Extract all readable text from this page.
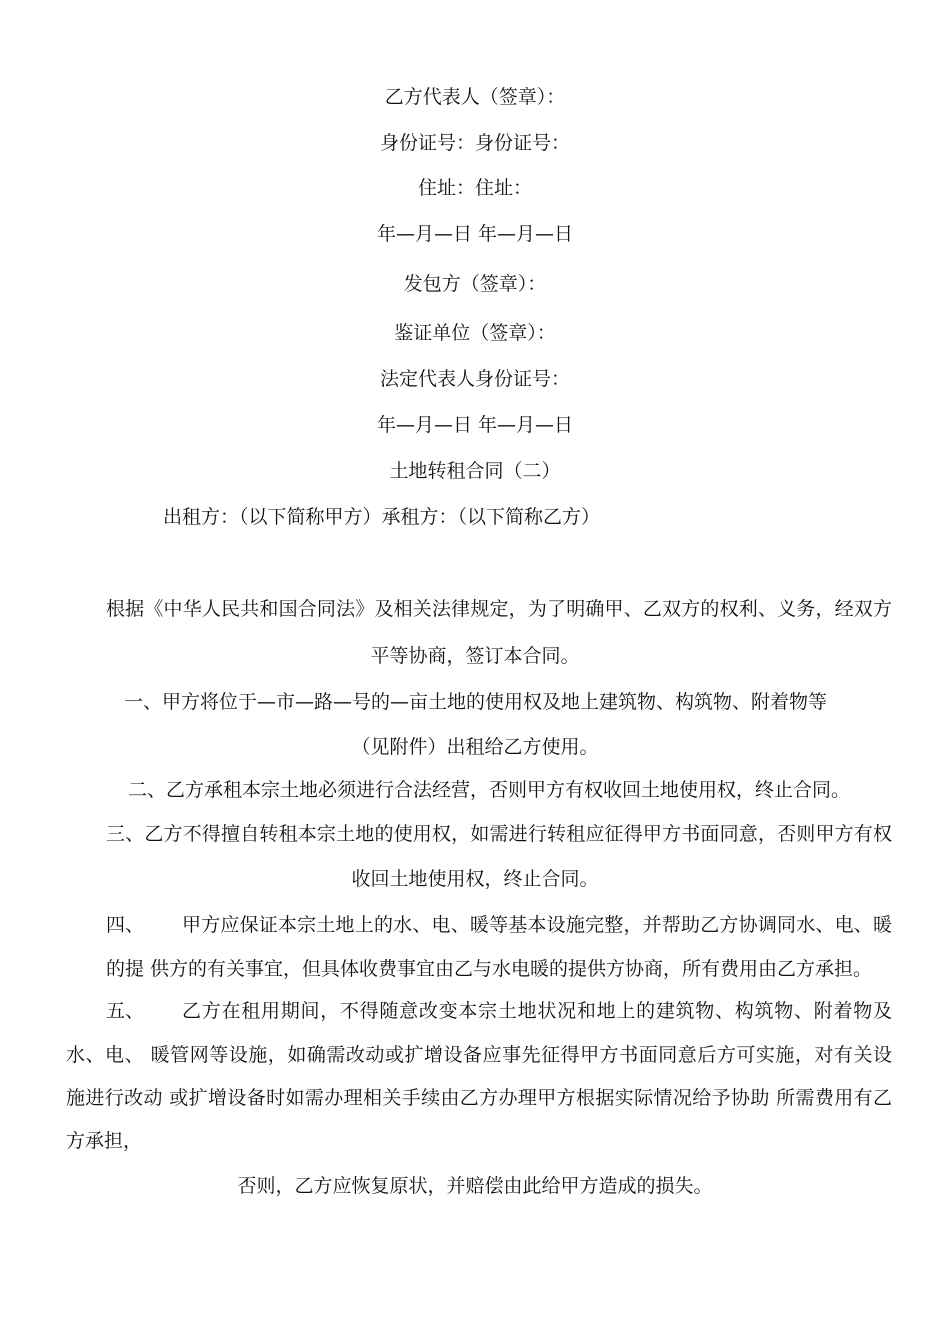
乙方代表人（签章）：
身份证号：身份证号：
住址：住址：
年—月—日 年—月—日
发包方（签章）：
鉴证单位（签章）：
法定代表人身份证号：
年—月—日 年—月—日
土地转租合同（二）
出租方：（以下简称甲方）承租方：（以下简称乙方）
根据《中华人民共和国合同法》及相关法律规定，为了明确甲、乙双方的权利、义务，经双方
平等协商，签订本合同。
一、甲方将位于—市—路—号的—亩土地的使用权及地上建筑物、构筑物、附着物等
（见附件）出租给乙方使用。
二、乙方承租本宗土地必须进行合法经营，否则甲方有权收回土地使用权，终止合同。
三、乙方不得擅自转租本宗土地的使用权，如需进行转租应征得甲方书面同意，否则甲方有权
收回土地使用权，终止合同。
四、 甲方应保证本宗土地上的水、电、暖等基本设施完整，并帮助乙方协调同水、电、暖
的提 供方的有关事宜，但具体收费事宜由乙与水电暖的提供方协商，所有费用由乙方承担。
五、 乙方在租用期间，不得随意改变本宗土地状况和地上的建筑物、构筑物、附着物及
水、电、 暖管网等设施，如确需改动或扩增设备应事先征得甲方书面同意后方可实施，对有关设
施进行改动 或扩增设备时如需办理相关手续由乙方办理甲方根据实际情况给予协助 所需费用有乙
方承担，
否则，乙方应恢复原状，并赔偿由此给甲方造成的损失。
